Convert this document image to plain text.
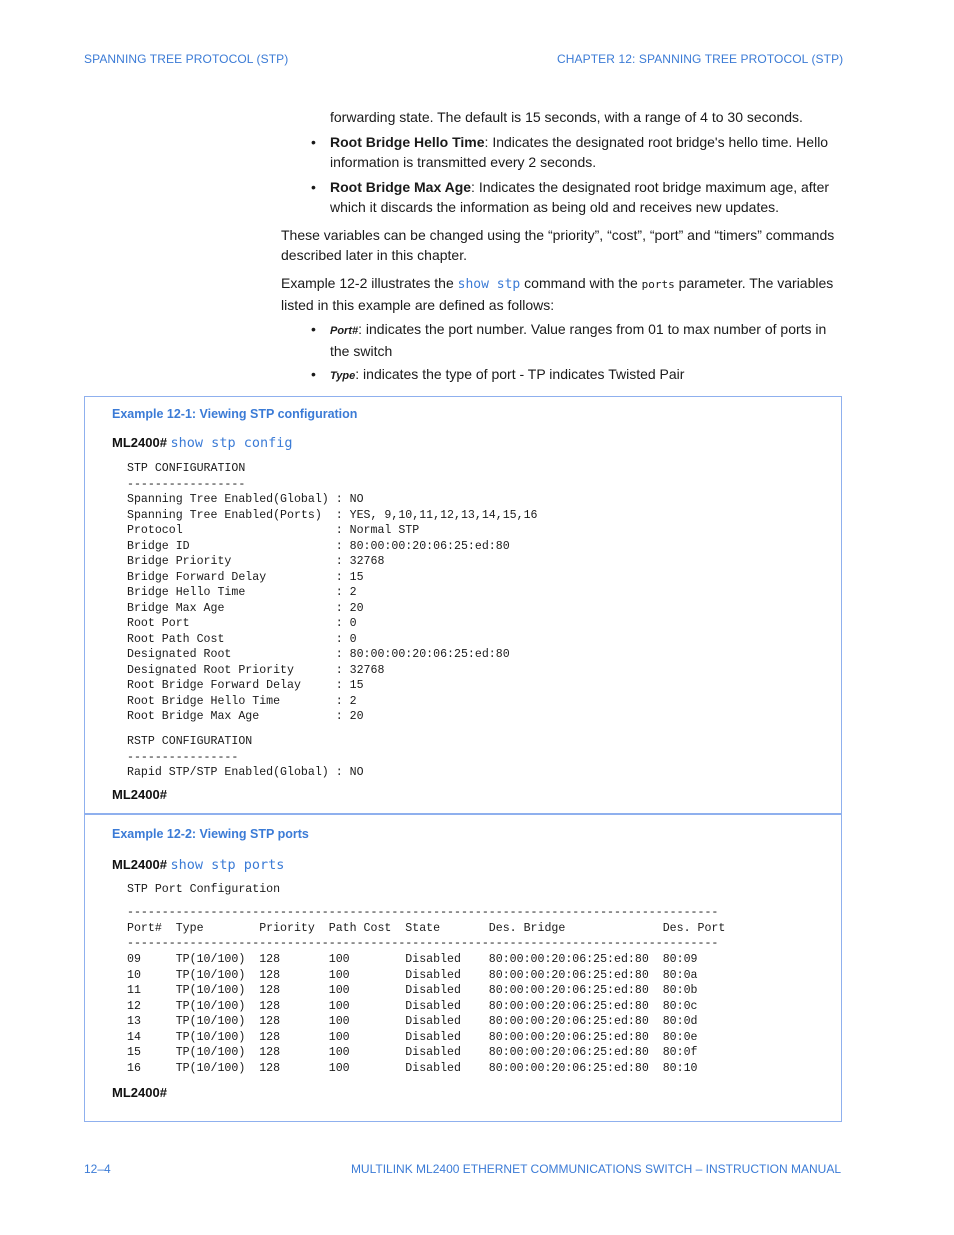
SPANNING TREE PROTOCOL (STP)	CHAPTER 12: SPANNING TREE PROTOCOL (STP)
forwarding state. The default is 15 seconds, with a range of 4 to 30 seconds.
• Root Bridge Hello Time: Indicates the designated root bridge's hello time. Hello
information is transmitted every 2 seconds.
• Root Bridge Max Age: Indicates the designated root bridge maximum age, after
which it discards the information as being old and receives new updates.
These variables can be changed using the “priority”, “cost”, “port” and “timers” commands
described later in this chapter.
Example 12-2 illustrates the show stp command with the ports parameter. The variables
listed in this example are defined as follows:
• Port#: indicates the port number. Value ranges from 01 to max number of ports in
the switch
• Type: indicates the type of port - TP indicates Twisted Pair
Example 12-1: Viewing STP configuration
ML2400# show stp config
STP CONFIGURATION
-----------------
Spanning Tree Enabled(Global) : NO
Spanning Tree Enabled(Ports)  : YES, 9,10,11,12,13,14,15,16
Protocol                      : Normal STP
Bridge ID                     : 80:00:00:20:06:25:ed:80
Bridge Priority               : 32768
Bridge Forward Delay          : 15
Bridge Hello Time             : 2
Bridge Max Age                : 20
Root Port                     : 0
Root Path Cost                : 0
Designated Root               : 80:00:00:20:06:25:ed:80
Designated Root Priority      : 32768
Root Bridge Forward Delay     : 15
Root Bridge Hello Time        : 2
Root Bridge Max Age           : 20
RSTP CONFIGURATION
----------------
Rapid STP/STP Enabled(Global) : NO
ML2400#
Example 12-2: Viewing STP ports
ML2400# show stp ports
STP Port Configuration
-------------------------------------------------------------------------------------
Port#  Type        Priority  Path Cost  State       Des. Bridge              Des. Port
-------------------------------------------------------------------------------------
09     TP(10/100)  128       100        Disabled    80:00:00:20:06:25:ed:80  80:09
10     TP(10/100)  128       100        Disabled    80:00:00:20:06:25:ed:80  80:0a
11     TP(10/100)  128       100        Disabled    80:00:00:20:06:25:ed:80  80:0b
12     TP(10/100)  128       100        Disabled    80:00:00:20:06:25:ed:80  80:0c
13     TP(10/100)  128       100        Disabled    80:00:00:20:06:25:ed:80  80:0d
14     TP(10/100)  128       100        Disabled    80:00:00:20:06:25:ed:80  80:0e
15     TP(10/100)  128       100        Disabled    80:00:00:20:06:25:ed:80  80:0f
16     TP(10/100)  128       100        Disabled    80:00:00:20:06:25:ed:80  80:10
ML2400#
12–4	MULTILINK ML2400 ETHERNET COMMUNICATIONS SWITCH – INSTRUCTION MANUAL
